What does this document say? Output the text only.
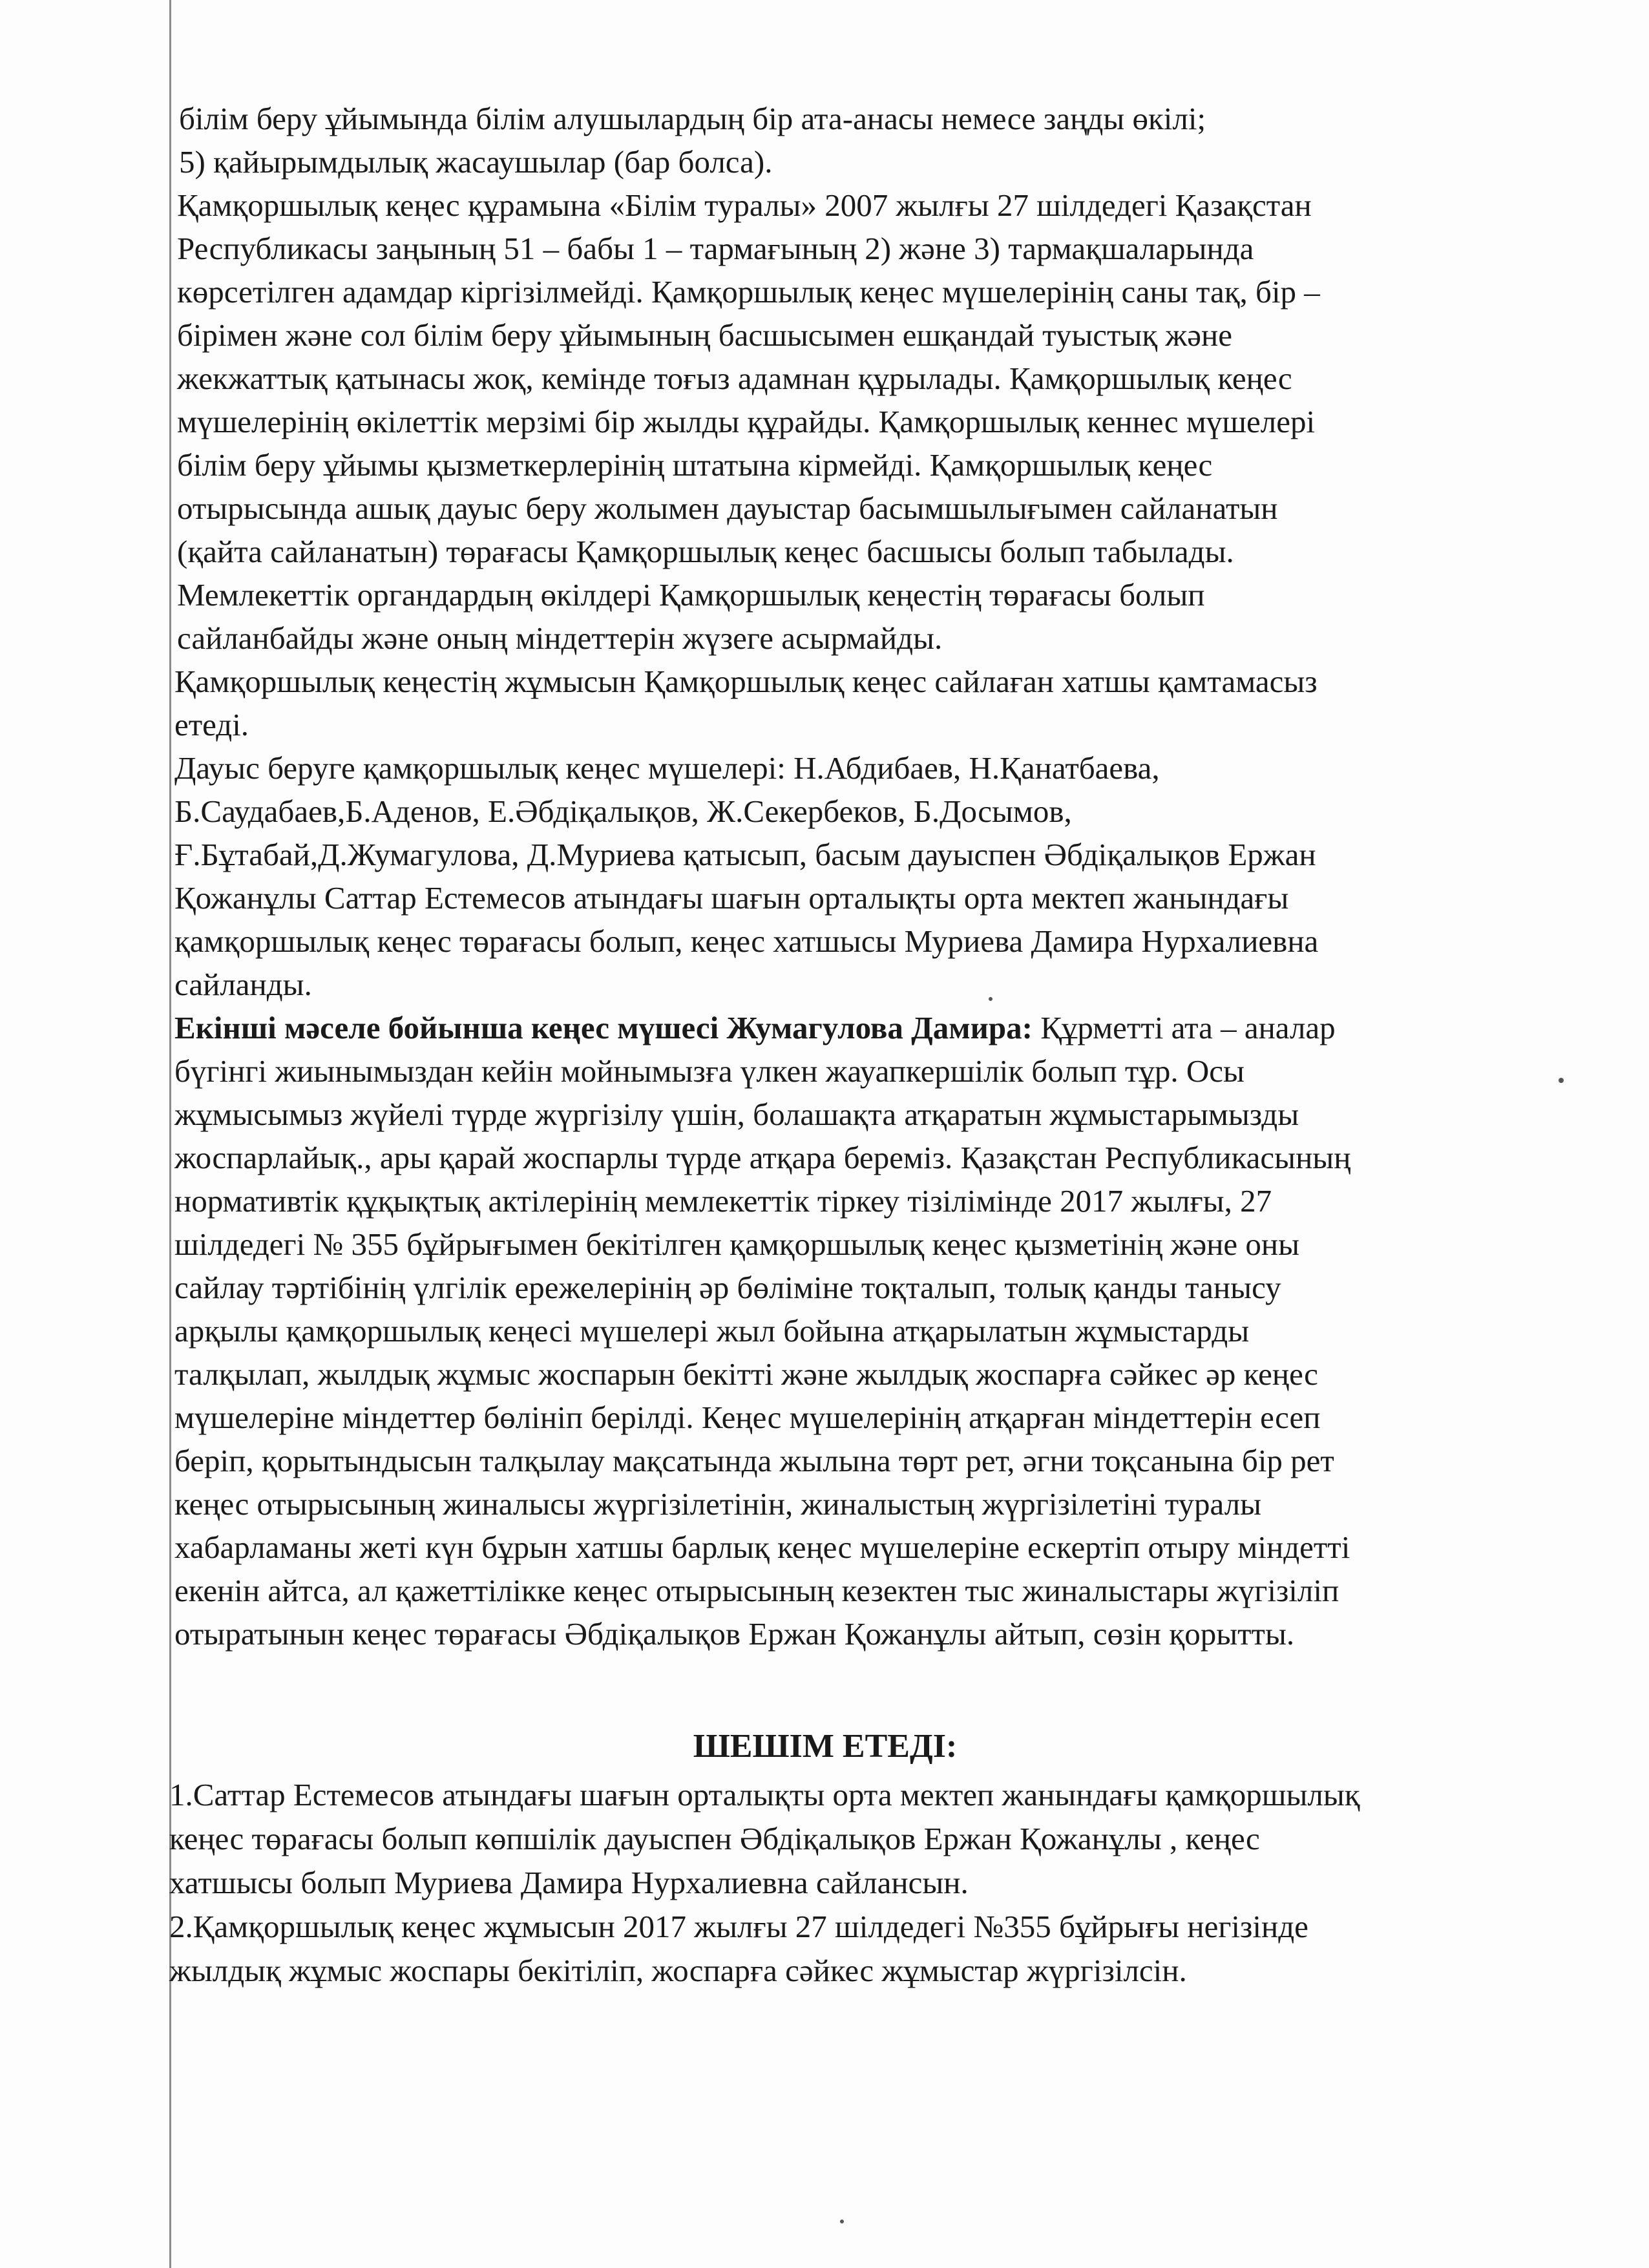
білім беру ұйымында білім алушылардың бір ата-анасы немесе заңды өкілі;
5) қайырымдылық жасаушылар (бар болса).
Қамқоршылық кеңес құрамына «Білім туралы» 2007 жылғы 27 шілдедегі Қазақстан
Республикасы заңының 51 – бабы 1 – тармағының 2) және 3) тармақшаларында
көрсетілген адамдар кіргізілмейді. Қамқоршылық кеңес мүшелерінің саны тақ, бір –
бірімен және сол білім беру ұйымының басшысымен ешқандай туыстық және
жекжаттық қатынасы жоқ, кемінде тоғыз адамнан құрылады. Қамқоршылық кеңес
мүшелерінің өкілеттік мерзімі бір жылды құрайды. Қамқоршылық кеннес мүшелері
білім беру ұйымы қызметкерлерінің штатына кірмейді. Қамқоршылық кеңес
отырысында ашық дауыс беру жолымен дауыстар басымшылығымен сайланатын
(қайта сайланатын) төрағасы Қамқоршылық кеңес басшысы болып табылады.
Мемлекеттік органдардың өкілдері Қамқоршылық кеңестің төрағасы болып
сайланбайды және оның міндеттерін жүзеге асырмайды.
Қамқоршылық кеңестің жұмысын Қамқоршылық кеңес сайлаған хатшы қамтамасыз
етеді.
Дауыс беруге қамқоршылық кеңес мүшелері: Н.Абдибаев, Н.Қанатбаева,
Б.Саудабаев,Б.Аденов, Е.Әбдіқалықов, Ж.Секербеков, Б.Досымов,
Ғ.Бұтабай,Д.Жумагулова, Д.Муриева қатысып, басым дауыспен Әбдіқалықов Ержан
Қожанұлы Саттар Естемесов атындағы шағын орталықты орта мектеп жанындағы
қамқоршылық кеңес төрағасы болып, кеңес хатшысы Муриева Дамира Нурхалиевна
сайланды.
Екінші мәселе бойынша кеңес мүшесі Жумагулова Дамира: Құрметті ата – аналар
бүгінгі жиынымыздан кейін мойнымызға үлкен жауапкершілік болып тұр. Осы
жұмысымыз жүйелі түрде жүргізілу үшін, болашақта атқаратын жұмыстарымызды
жоспарлайық., ары қарай жоспарлы түрде атқара береміз. Қазақстан Республикасының
нормативтік құқықтық актілерінің мемлекеттік тіркеу тізілімінде 2017 жылғы, 27
шілдедегі № 355 бұйрығымен бекітілген қамқоршылық кеңес қызметінің және оны
сайлау тәртібінің үлгілік ережелерінің әр бөліміне тоқталып, толық қанды танысу
арқылы қамқоршылық кеңесі мүшелері жыл бойына атқарылатын жұмыстарды
талқылап, жылдық жұмыс жоспарын бекітті және жылдық жоспарға сәйкес әр кеңес
мүшелеріне міндеттер бөлініп берілді. Кеңес мүшелерінің атқарған міндеттерін есеп
беріп, қорытындысын талқылау мақсатында жылына төрт рет, әгни тоқсанына бір рет
кеңес отырысының жиналысы жүргізілетінін, жиналыстың жүргізілетіні туралы
хабарламаны жеті күн бұрын хатшы барлық кеңес мүшелеріне ескертіп отыру міндетті
екенін айтса, ал қажеттілікке кеңес отырысының кезектен тыс жиналыстары жүгізіліп
отыратынын кеңес төрағасы Әбдіқалықов Ержан Қожанұлы айтып, сөзін қорытты.
ШЕШІМ ЕТЕДІ:
1.Саттар Естемесов атындағы шағын орталықты орта мектеп жанындағы қамқоршылық
кеңес төрағасы болып көпшілік дауыспен Әбдіқалықов Ержан Қожанұлы , кеңес
хатшысы болып Муриева Дамира Нурхалиевна сайлансын.
2.Қамқоршылық кеңес жұмысын 2017 жылғы 27 шілдедегі №355 бұйрығы негізінде
жылдық жұмыс жоспары бекітіліп, жоспарға сәйкес жұмыстар жүргізілсін.
